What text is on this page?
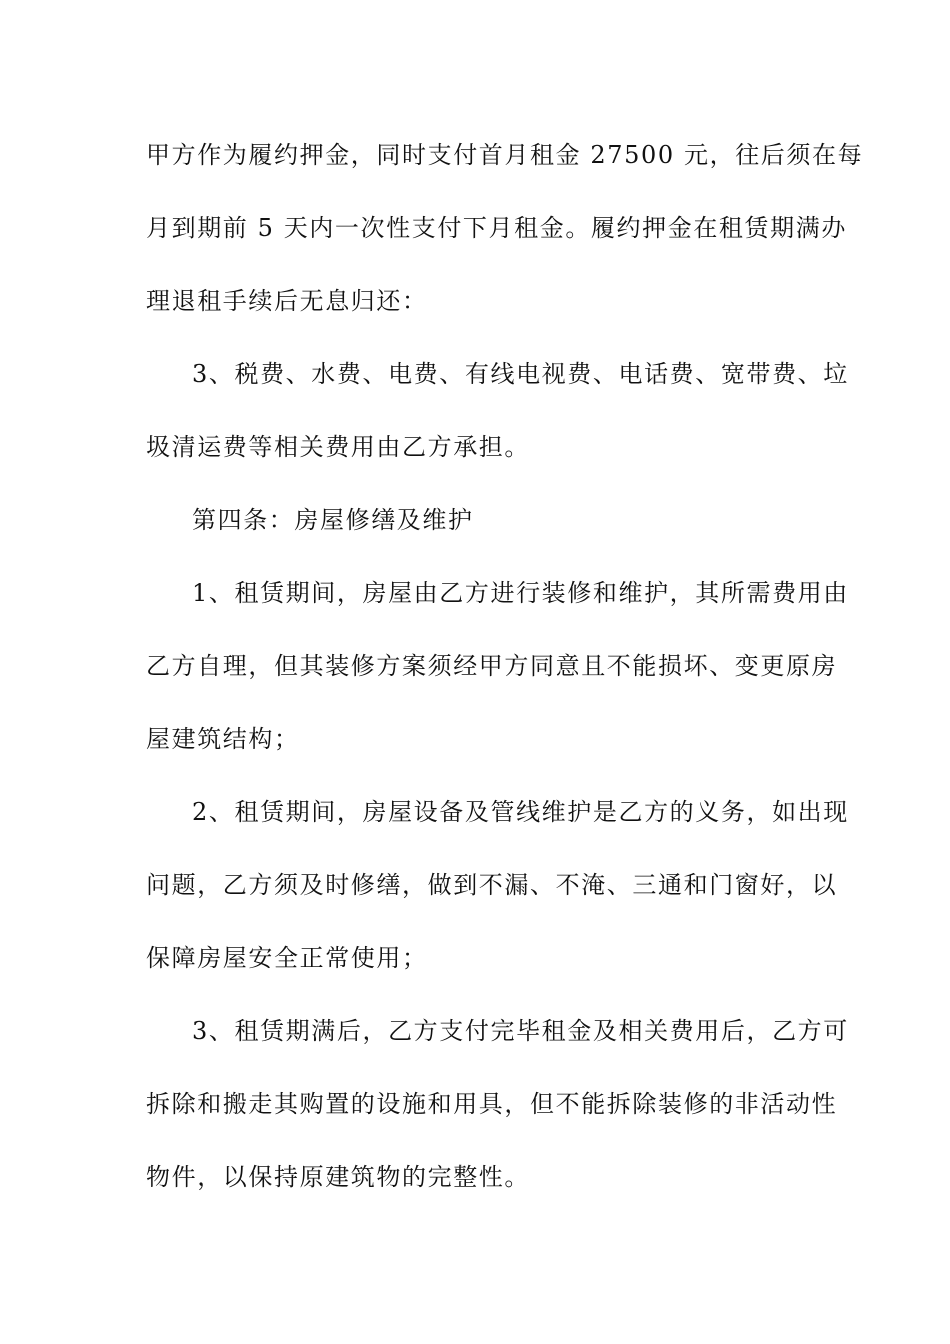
甲方作为履约押金，同时支付首月租金 27500 元，往后须在每
月到期前 5 天内一次性支付下月租金。履约押金在租赁期满办
理退租手续后无息归还：
3、税费、水费、电费、有线电视费、电话费、宽带费、垃
圾清运费等相关费用由乙方承担。
第四条：房屋修缮及维护
1、租赁期间，房屋由乙方进行装修和维护，其所需费用由
乙方自理，但其装修方案须经甲方同意且不能损坏、变更原房
屋建筑结构；
2、租赁期间，房屋设备及管线维护是乙方的义务，如出现
问题，乙方须及时修缮，做到不漏、不淹、三通和门窗好，以
保障房屋安全正常使用；
3、租赁期满后，乙方支付完毕租金及相关费用后，乙方可
拆除和搬走其购置的设施和用具，但不能拆除装修的非活动性
物件，以保持原建筑物的完整性。
